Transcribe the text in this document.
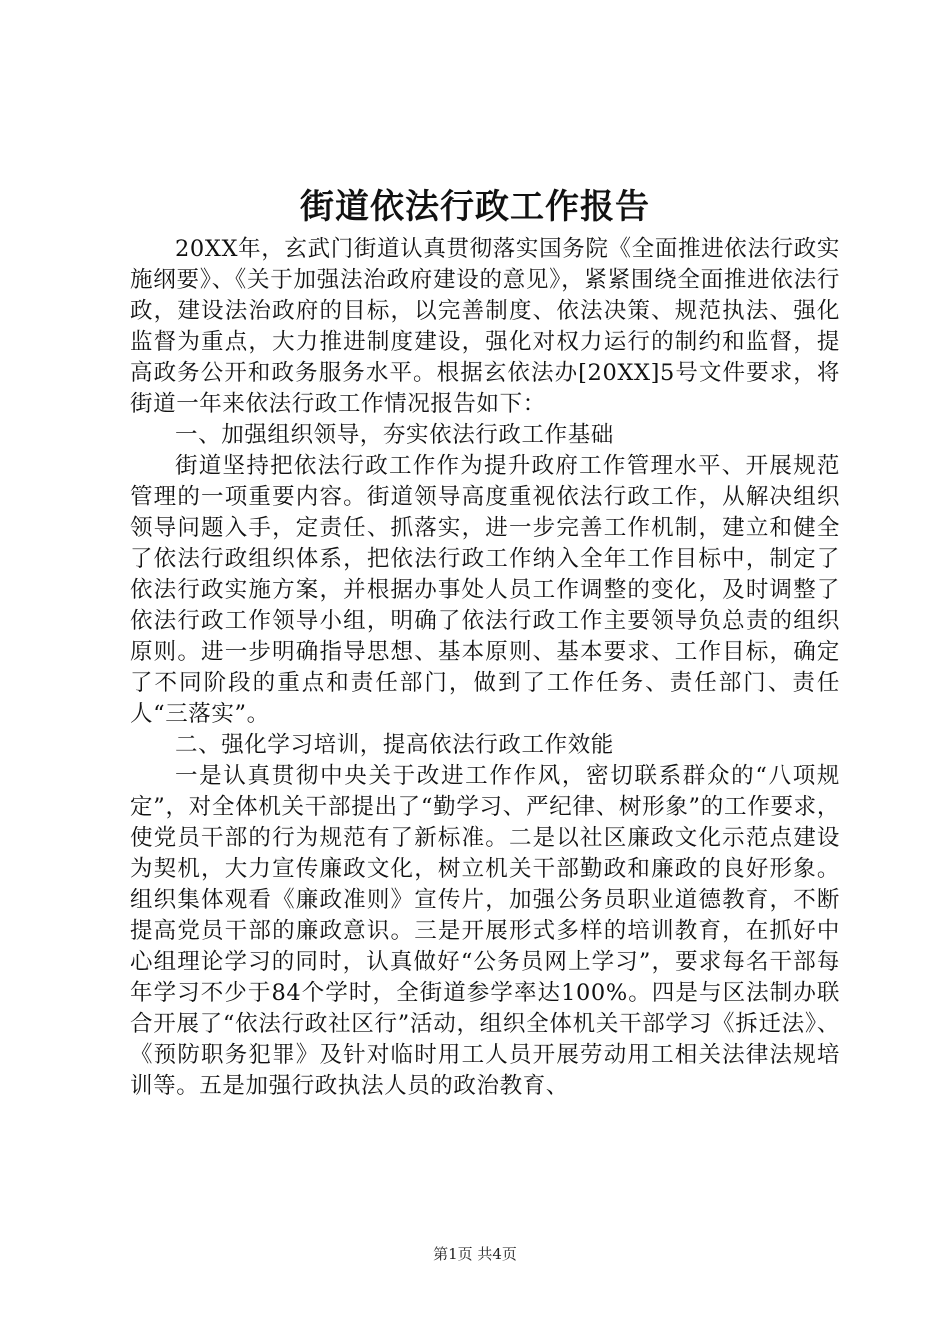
街道依法行政工作报告

20XX年，玄武门街道认真贯彻落实国务院《全面推进依法行政实施纲要》、《关于加强法治政府建设的意见》，紧紧围绕全面推进依法行政，建设法治政府的目标，以完善制度、依法决策、规范执法、强化监督为重点，大力推进制度建设，强化对权力运行的制约和监督，提高政务公开和政务服务水平。根据玄依法办[20XX]5号文件要求，将街道一年来依法行政工作情况报告如下：

一、加强组织领导，夯实依法行政工作基础

街道坚持把依法行政工作作为提升政府工作管理水平、开展规范管理的一项重要内容。街道领导高度重视依法行政工作，从解决组织领导问题入手，定责任、抓落实，进一步完善工作机制，建立和健全了依法行政组织体系，把依法行政工作纳入全年工作目标中，制定了依法行政实施方案，并根据办事处人员工作调整的变化，及时调整了依法行政工作领导小组，明确了依法行政工作主要领导负总责的组织原则。进一步明确指导思想、基本原则、基本要求、工作目标，确定了不同阶段的重点和责任部门，做到了工作任务、责任部门、责任人“三落实”。

二、强化学习培训，提高依法行政工作效能

一是认真贯彻中央关于改进工作作风，密切联系群众的“八项规定”，对全体机关干部提出了“勤学习、严纪律、树形象”的工作要求，使党员干部的行为规范有了新标准。二是以社区廉政文化示范点建设为契机，大力宣传廉政文化，树立机关干部勤政和廉政的良好形象。组织集体观看《廉政准则》宣传片，加强公务员职业道德教育，不断提高党员干部的廉政意识。三是开展形式多样的培训教育，在抓好中心组理论学习的同时，认真做好“公务员网上学习”，要求每名干部每年学习不少于84个学时，全街道参学率达100%。四是与区法制办联合开展了“依法行政社区行”活动，组织全体机关干部学习《拆迁法》、《预防职务犯罪》及针对临时用工人员开展劳动用工相关法律法规培训等。五是加强行政执法人员的政治教育、

第1页 共4页
